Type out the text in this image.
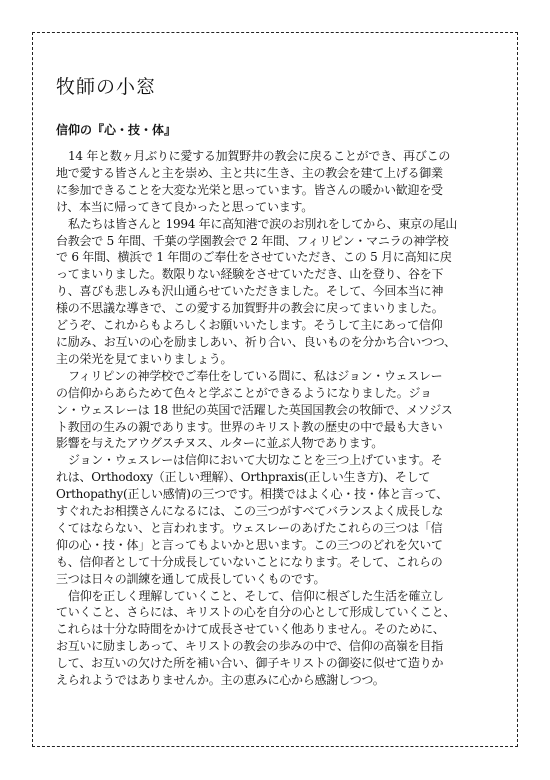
牧師の小窓
信仰の『心・技・体』

14 年と数ヶ月ぶりに愛する加賀野井の教会に戻ることができ、再びこの
地で愛する皆さんと主を崇め、主と共に生き、主の教会を建て上げる御業
に参加できることを大変な光栄と思っています。皆さんの暖かい歓迎を受
け、本当に帰ってきて良かったと思っています。

私たちは皆さんと 1994 年に高知港で涙のお別れをしてから、東京の尾山
台教会で 5 年間、千葉の学園教会で 2 年間、フィリピン・マニラの神学校
で 6 年間、横浜で 1 年間のご奉仕をさせていただき、この 5 月に高知に戻
ってまいりました。数限りない経験をさせていただき、山を登り、谷を下
り、喜びも悲しみも沢山通らせていただきました。そして、今回本当に神
様の不思議な導きで、この愛する加賀野井の教会に戻ってまいりました。
どうぞ、これからもよろしくお願いいたします。そうして主にあって信仰
に励み、お互いの心を励ましあい、祈り合い、良いものを分かち合いつつ、
主の栄光を見てまいりましょう。

フィリピンの神学校でご奉仕をしている間に、私はジョン・ウェスレー
の信仰からあらためて色々と学ぶことができるようになりました。ジョ
ン・ウェスレーは 18 世紀の英国で活躍した英国国教会の牧師で、メソジス
ト教団の生みの親であります。世界のキリスト教の歴史の中で最も大きい
影響を与えたアウグスチヌス、ルターに並ぶ人物であります。

ジョン・ウェスレーは信仰において大切なことを三つ上げています。そ
れは、Orthodoxy（正しい理解）、Orthpraxis(正しい生き方)、そして
Orthopathy(正しい感情)の三つです。相撲ではよく心・技・体と言って、
すぐれたお相撲さんになるには、この三つがすべてバランスよく成長しな
くてはならない、と言われます。ウェスレーのあげたこれらの三つは「信
仰の心・技・体」と言ってもよいかと思います。この三つのどれを欠いて
も、信仰者として十分成長していないことになります。そして、これらの
三つは日々の訓練を通して成長していくものです。

信仰を正しく理解していくこと、そして、信仰に根ざした生活を確立し
ていくこと、さらには、キリストの心を自分の心として形成していくこと、
これらは十分な時間をかけて成長させていく他ありません。そのために、
お互いに励ましあって、キリストの教会の歩みの中で、信仰の高嶺を目指
して、お互いの欠けた所を補い合い、御子キリストの御姿に似せて造りか
えられようではありませんか。主の恵みに心から感謝しつつ。
